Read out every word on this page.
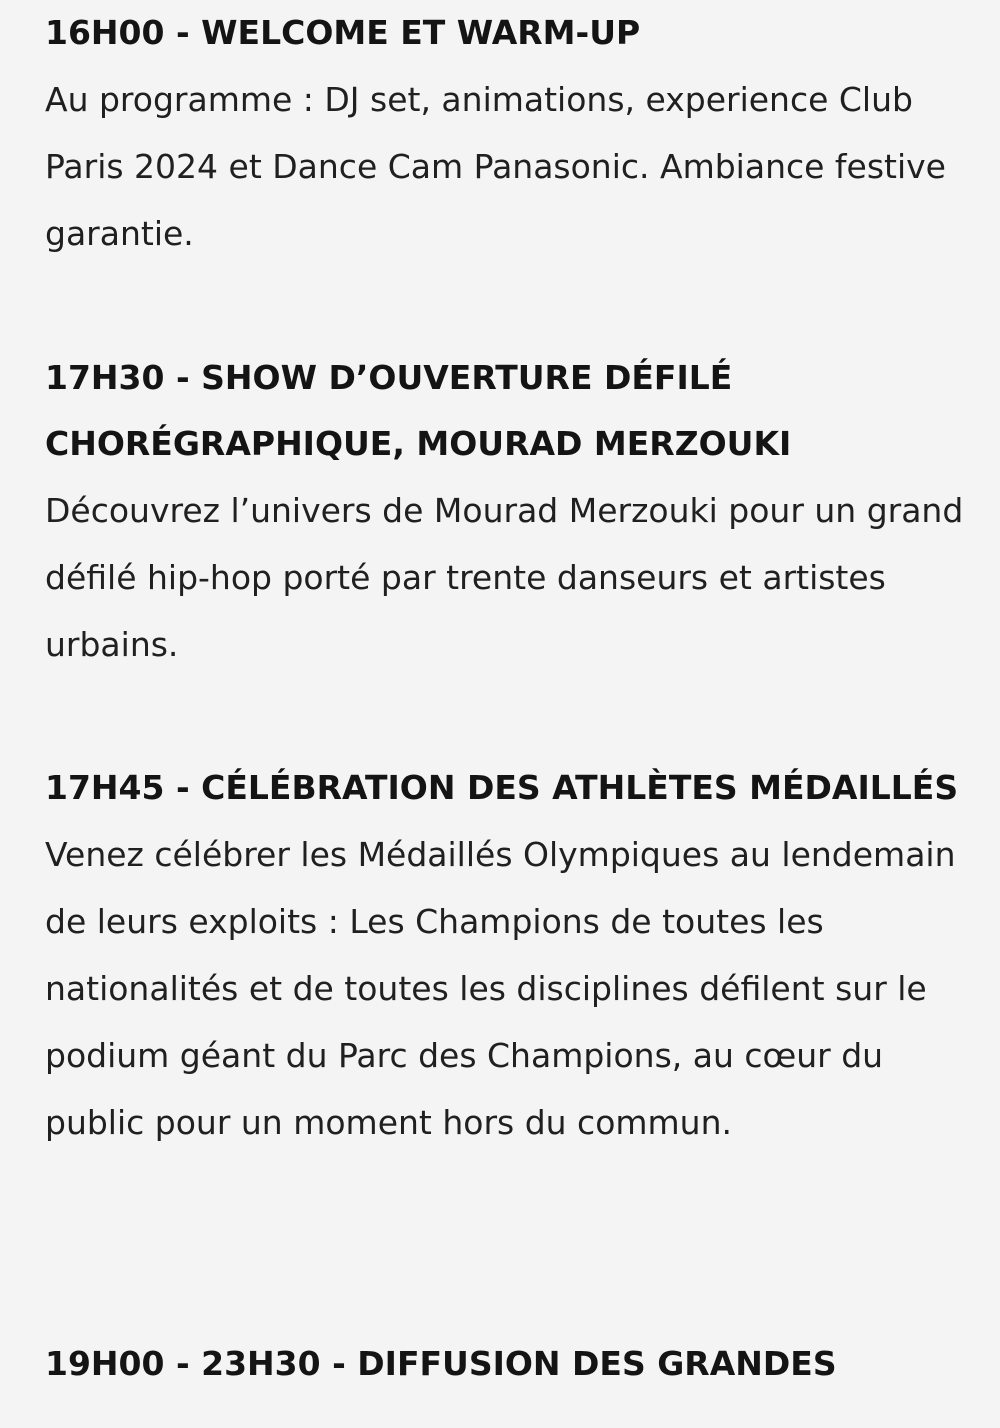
16H00 - WELCOME ET WARM-UP

Au programme : DJ set, animations, experience Club Paris 2024 et Dance Cam Panasonic. Ambiance festive garantie.

17H30 - SHOW D’OUVERTURE DÉFILÉ CHORÉGRAPHIQUE, MOURAD MERZOUKI

Découvrez l’univers de Mourad Merzouki pour un grand défilé hip-hop porté par trente danseurs et artistes urbains.

17H45 - CÉLÉBRATION DES ATHLÈTES MÉDAILLÉS

Venez célébrer les Médaillés Olympiques au lendemain de leurs exploits : Les Champions de toutes les nationalités et de toutes les disciplines défilent sur le podium géant du Parc des Champions, au cœur du public pour un moment hors du commun.

19H00 - 23H30 - DIFFUSION DES GRANDES
